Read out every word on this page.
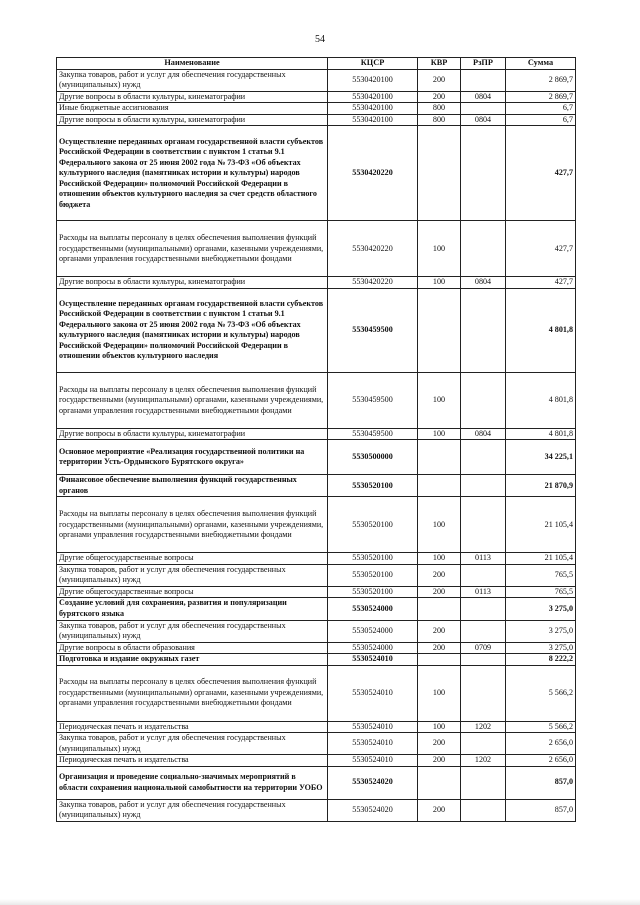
54
Наименование	КЦСР	КВР	РзПР	Сумма
Закупка товаров, работ и услуг для обеспечения государственных (муниципальных) нужд	5530420100	200		2 869,7
Другие вопросы в области культуры, кинематографии	5530420100	200	0804	2 869,7
Иные бюджетные ассигнования	5530420100	800		6,7
Другие вопросы в области культуры, кинематографии	5530420100	800	0804	6,7
Осуществление переданных органам государственной власти субъектов Российской Федерации в соответствии с пунктом 1 статьи 9.1 Федерального закона от 25 июня 2002 года № 73-ФЗ «Об объектах культурного наследия (памятниках истории и культуры) народов Российской Федерации» полномочий Российской Федерации в отношении объектов культурного наследия за счет средств областного бюджета	5530420220			427,7
Расходы на выплаты персоналу в целях обеспечения выполнения функций государственными (муниципальными) органами, казенными учреждениями, органами управления государственными внебюджетными фондами	5530420220	100		427,7
Другие вопросы в области культуры, кинематографии	5530420220	100	0804	427,7
Осуществление переданных органам государственной власти субъектов Российской Федерации в соответствии с пунктом 1 статьи 9.1 Федерального закона от 25 июня 2002 года № 73-ФЗ «Об объектах культурного наследия (памятниках истории и культуры) народов Российской Федерации» полномочий Российской Федерации в отношении объектов культурного наследия	5530459500			4 801,8
Расходы на выплаты персоналу в целях обеспечения выполнения функций государственными (муниципальными) органами, казенными учреждениями, органами управления государственными внебюджетными фондами	5530459500	100		4 801,8
Другие вопросы в области культуры, кинематографии	5530459500	100	0804	4 801,8
Основное мероприятие «Реализация государственной политики на территории Усть-Ордынского Бурятского округа»	5530500000			34 225,1
Финансовое обеспечение выполнения функций государственных органов	5530520100			21 870,9
Расходы на выплаты персоналу в целях обеспечения выполнения функций государственными (муниципальными) органами, казенными учреждениями, органами управления государственными внебюджетными фондами	5530520100	100		21 105,4
Другие общегосударственные вопросы	5530520100	100	0113	21 105,4
Закупка товаров, работ и услуг для обеспечения государственных (муниципальных) нужд	5530520100	200		765,5
Другие общегосударственные вопросы	5530520100	200	0113	765,5
Создание условий для сохранения, развития и популяризации бурятского языка	5530524000			3 275,0
Закупка товаров, работ и услуг для обеспечения государственных (муниципальных) нужд	5530524000	200		3 275,0
Другие вопросы в области образования	5530524000	200	0709	3 275,0
Подготовка и издание окружных газет	5530524010			8 222,2
Расходы на выплаты персоналу в целях обеспечения выполнения функций государственными (муниципальными) органами, казенными учреждениями, органами управления государственными внебюджетными фондами	5530524010	100		5 566,2
Периодическая печать и издательства	5530524010	100	1202	5 566,2
Закупка товаров, работ и услуг для обеспечения государственных (муниципальных) нужд	5530524010	200		2 656,0
Периодическая печать и издательства	5530524010	200	1202	2 656,0
Организация и проведение социально-значимых мероприятий в области сохранения национальной самобытности на территории УОБО	5530524020			857,0
Закупка товаров, работ и услуг для обеспечения государственных (муниципальных) нужд	5530524020	200		857,0
